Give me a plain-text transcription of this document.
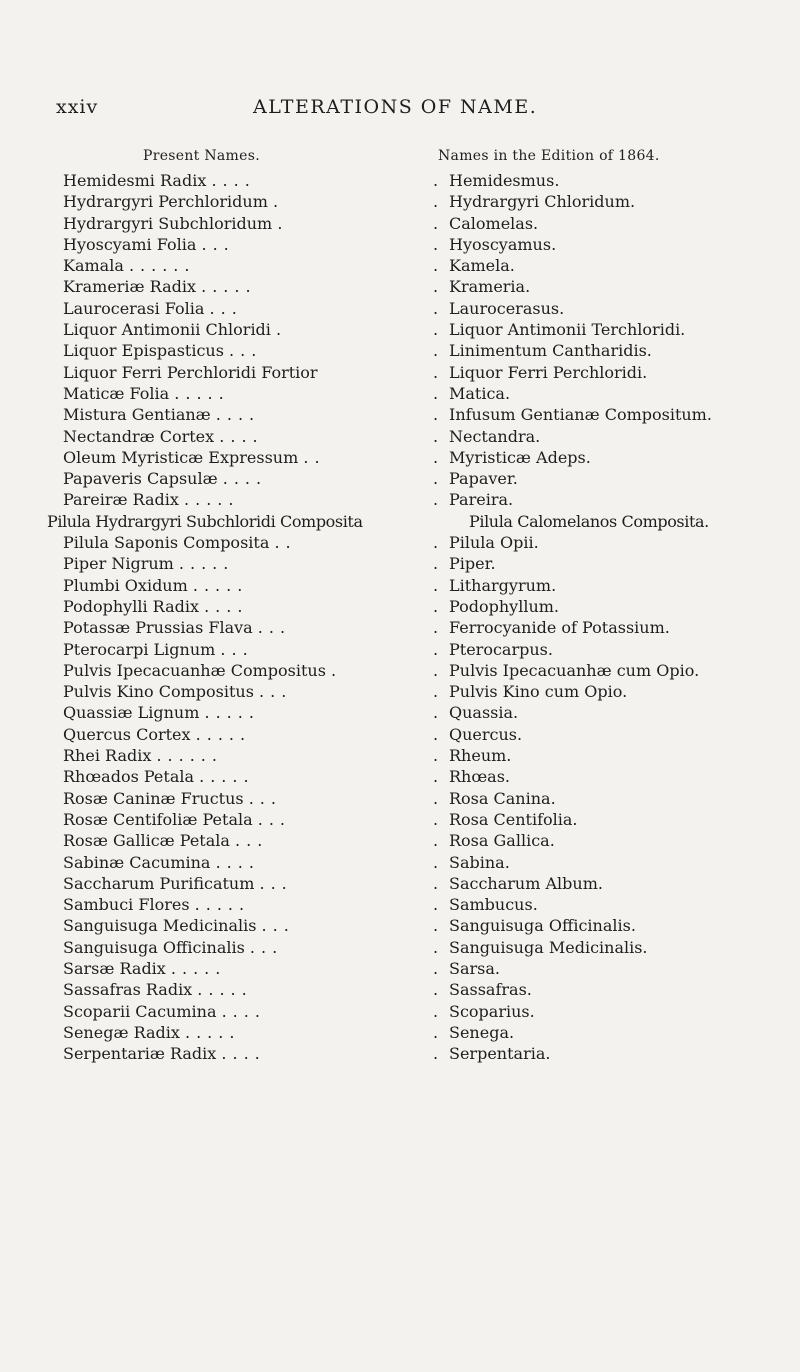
xxiv	ALTERATIONS OF NAME.
Present Names.	Names in the Edition of 1864.
Hemidesmi Radix ....	. Hemidesmus.
Hydrargyri Perchloridum .	. Hydrargyri Chloridum.
Hydrargyri Subchloridum .	. Calomelas.
Hyoscyami Folia ...	. Hyoscyamus.
Kamala ......	. Kamela.
Krameriæ Radix .....	. Krameria.
Laurocerasi Folia ...	. Laurocerasus.
Liquor Antimonii Chloridi .	. Liquor Antimonii Terchloridi.
Liquor Epispasticus ...	. Linimentum Cantharidis.
Liquor Ferri Perchloridi Fortior	. Liquor Ferri Perchloridi.
Maticæ Folia .....	. Matica.
Mistura Gentianæ ....	. Infusum Gentianæ Compositum.
Nectandræ Cortex ....	. Nectandra.
Oleum Myristicæ Expressum ..	. Myristicæ Adeps.
Papaveris Capsulæ ....	. Papaver.
Pareiræ Radix .....	. Pareira.
Pilula Hydrargyri Subchloridi Composita	Pilula Calomelanos Composita.
Pilula Saponis Composita ..	. Pilula Opii.
Piper Nigrum .....	. Piper.
Plumbi Oxidum .....	. Lithargyrum.
Podophylli Radix ....	. Podophyllum.
Potassæ Prussias Flava ...	. Ferrocyanide of Potassium.
Pterocarpi Lignum ...	. Pterocarpus.
Pulvis Ipecacuanhæ Compositus .	. Pulvis Ipecacuanhæ cum Opio.
Pulvis Kino Compositus ...	. Pulvis Kino cum Opio.
Quassiæ Lignum .....	. Quassia.
Quercus Cortex .....	. Quercus.
Rhei Radix ......	. Rheum.
Rhœados Petala .....	. Rhœas.
Rosæ Caninæ Fructus ...	. Rosa Canina.
Rosæ Centifoliæ Petala ...	. Rosa Centifolia.
Rosæ Gallicæ Petala ...	. Rosa Gallica.
Sabinæ Cacumina ....	. Sabina.
Saccharum Purificatum ...	. Saccharum Album.
Sambuci Flores .....	. Sambucus.
Sanguisuga Medicinalis ...	. Sanguisuga Officinalis.
Sanguisuga Officinalis ...	. Sanguisuga Medicinalis.
Sarsæ Radix .....	. Sarsa.
Sassafras Radix .....	. Sassafras.
Scoparii Cacumina ....	. Scoparius.
Senegæ Radix .....	. Senega.
Serpentariæ Radix ....	. Serpentaria.
